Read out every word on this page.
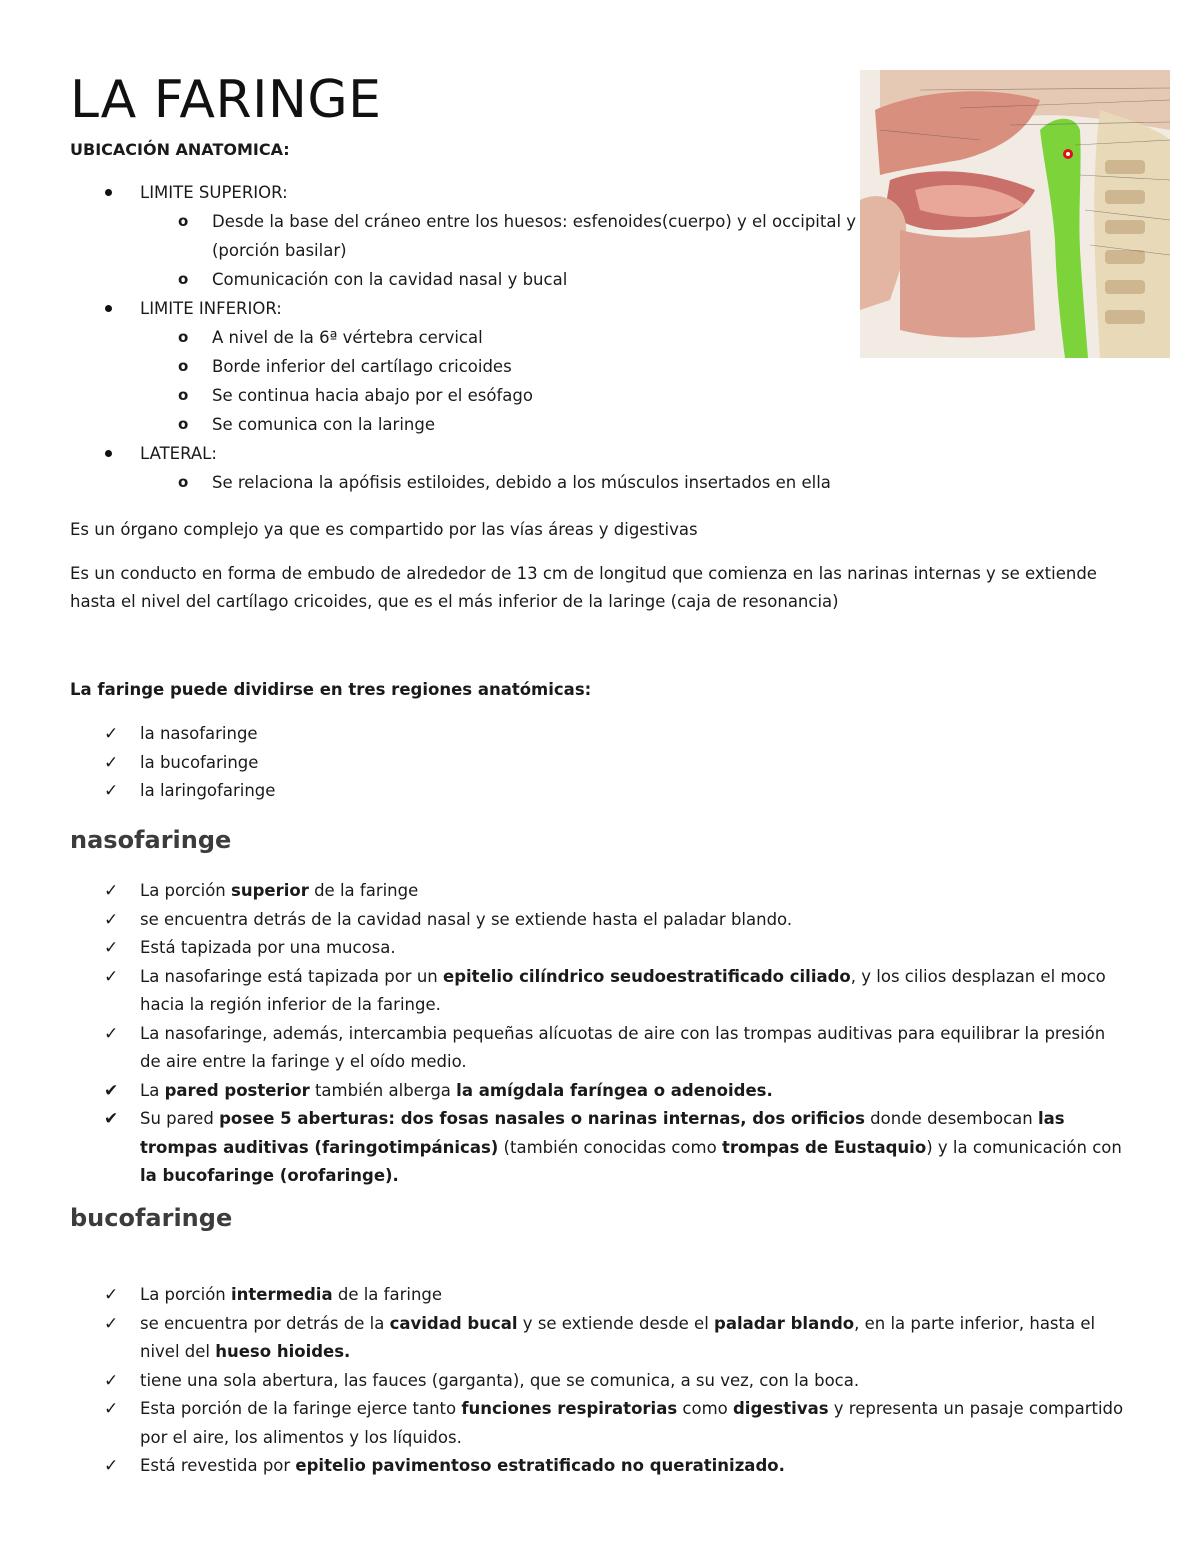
LA FARINGE
UBICACIÓN ANATOMICA:
LIMITE SUPERIOR:
o Desde la base del cráneo entre los huesos: esfenoides(cuerpo) y el occipital y (porción basilar)
o Comunicación con la cavidad nasal y bucal
LIMITE INFERIOR:
o A nivel de la 6ª vértebra cervical
o Borde inferior del cartílago cricoides
o Se continua hacia abajo por el esófago
o Se comunica con la laringe
LATERAL:
o Se relaciona la apófisis estiloides, debido a los músculos insertados en ella

Es un órgano complejo ya que es compartido por las vías áreas y digestivas

Es un conducto en forma de embudo de alrededor de 13 cm de longitud que comienza en las narinas internas y se extiende hasta el nivel del cartílago cricoides, que es el más inferior de la laringe (caja de resonancia)

La faringe puede dividirse en tres regiones anatómicas:
✓ la nasofaringe
✓ la bucofaringe
✓ la laringofaringe
nasofaringe
✓ La porción superior de la faringe
✓ se encuentra detrás de la cavidad nasal y se extiende hasta el paladar blando.
✓ Está tapizada por una mucosa.
✓ La nasofaringe está tapizada por un epitelio cilíndrico seudoestratificado ciliado, y los cilios desplazan el moco hacia la región inferior de la faringe.
✓ La nasofaringe, además, intercambia pequeñas alícuotas de aire con las trompas auditivas para equilibrar la presión de aire entre la faringe y el oído medio.
✔ La pared posterior también alberga la amígdala faríngea o adenoides.
✔ Su pared posee 5 aberturas: dos fosas nasales o narinas internas, dos orificios donde desembocan las trompas auditivas (faringotimpánicas) (también conocidas como trompas de Eustaquio) y la comunicación con la bucofaringe (orofaringe).
bucofaringe
✓ La porción intermedia de la faringe
✓ se encuentra por detrás de la cavidad bucal y se extiende desde el paladar blando, en la parte inferior, hasta el nivel del hueso hioides.
✓ tiene una sola abertura, las fauces (garganta), que se comunica, a su vez, con la boca.
✓ Esta porción de la faringe ejerce tanto funciones respiratorias como digestivas y representa un pasaje compartido por el aire, los alimentos y los líquidos.
✓ Está revestida por epitelio pavimentoso estratificado no queratinizado.
